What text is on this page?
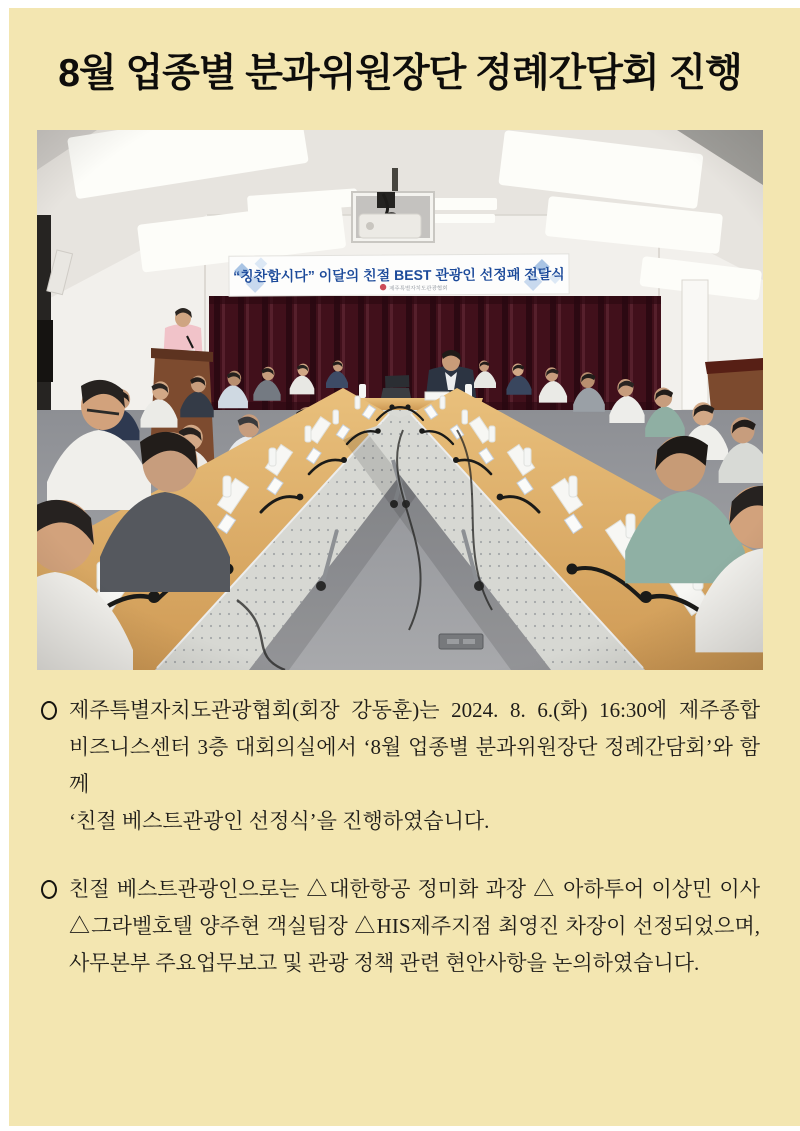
8월 업종별 분과위원장단 정례간담회 진행
제주특별자치도관광협회(회장 강동훈)는 2024. 8. 6.(화) 16:30에 제주종합
비즈니스센터 3층 대회의실에서 ‘8월 업종별 분과위원장단 정례간담회’와 함께
‘친절 베스트관광인 선정식’을 진행하였습니다.
친절 베스트관광인으로는 △대한항공 정미화 과장 △ 아하투어 이상민 이사
△그라벨호텔 양주현 객실팀장 △HIS제주지점 최영진 차장이 선정되었으며,
사무본부 주요업무보고 및 관광 정책 관련 현안사항을 논의하였습니다.
